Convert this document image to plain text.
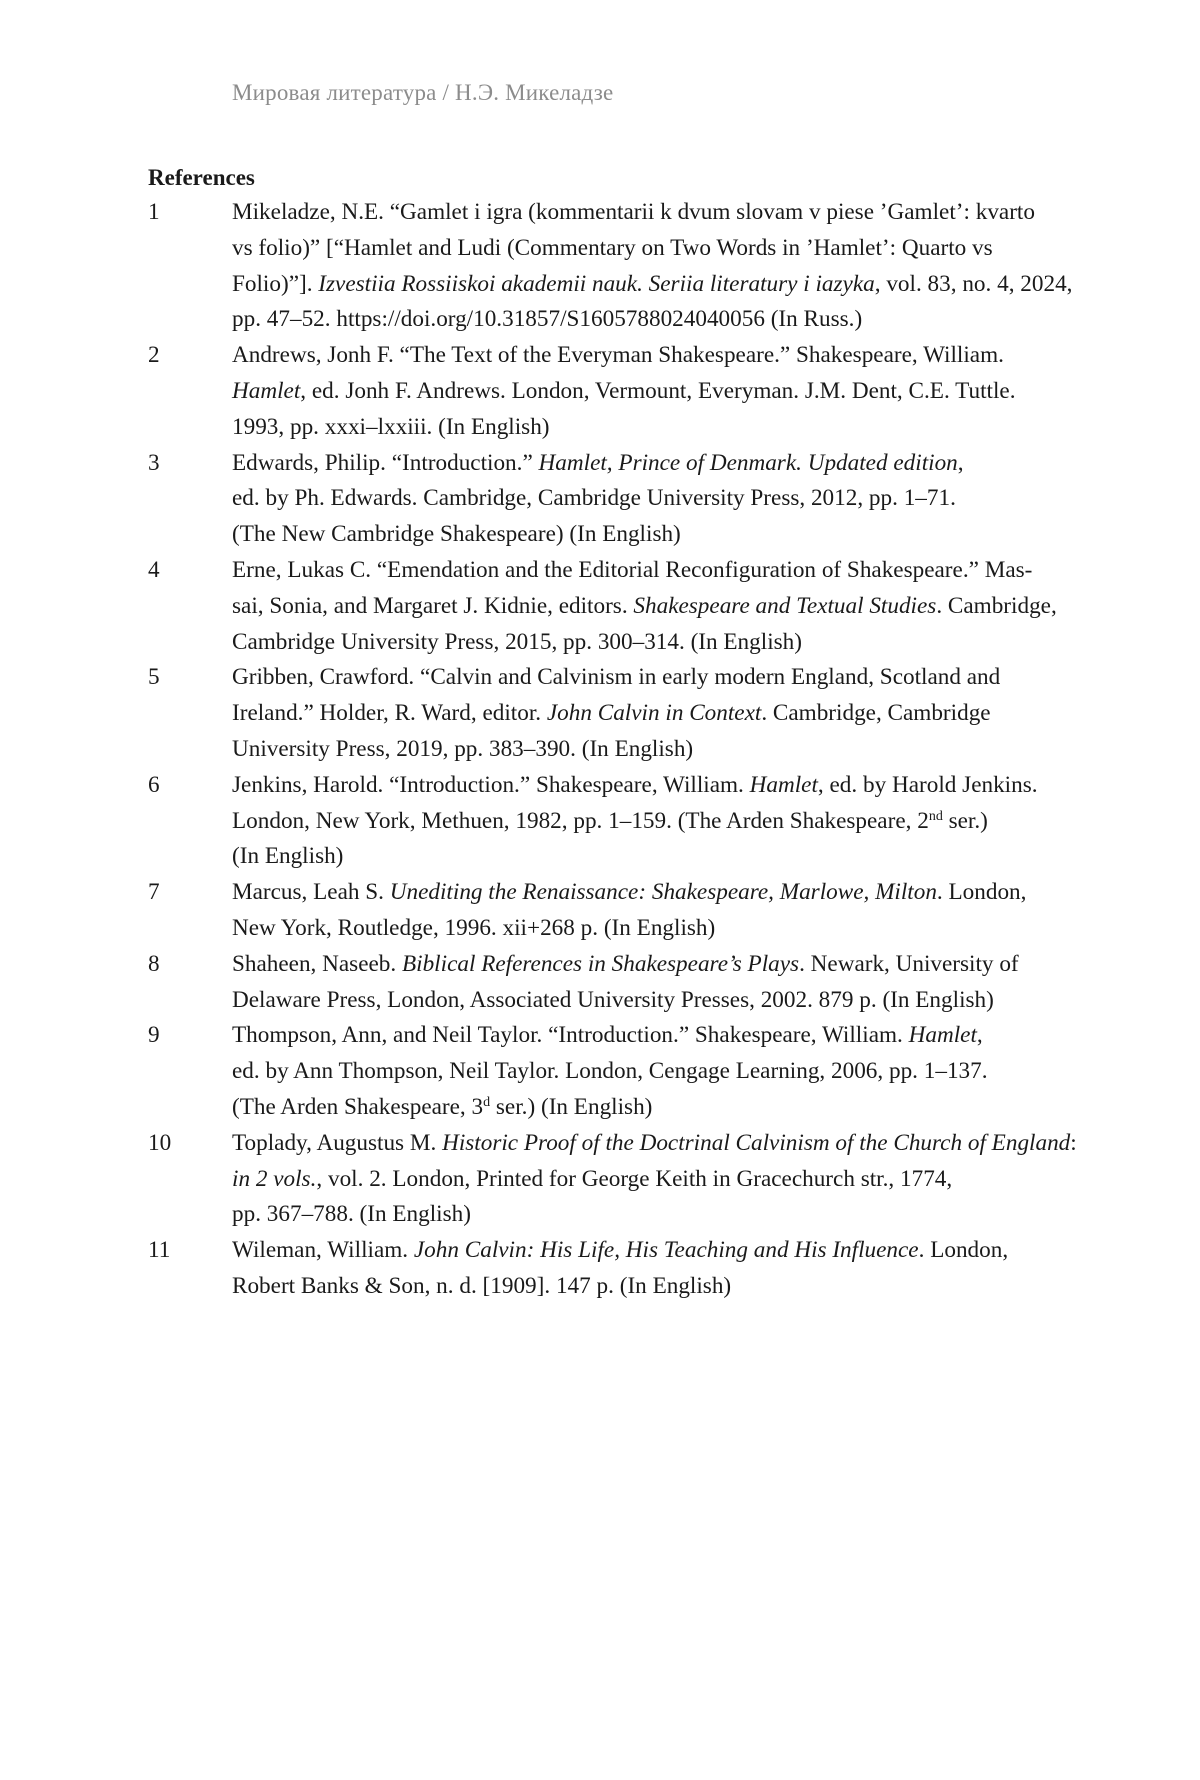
Мировая литература / Н.Э. Микеладзе
References
1	Mikeladze, N.E. “Gamlet i igra (kommentarii k dvum slovam v piese ’Gamlet’: kvarto
vs folio)” [“Hamlet and Ludi (Commentary on Two Words in ’Hamlet’: Quarto vs
Folio)”]. Izvestiia Rossiiskoi akademii nauk. Seriia literatury i iazyka, vol. 83, no. 4, 2024,
pp. 47–52. https://doi.org/10.31857/S1605788024040056 (In Russ.)
2	Andrews, Jonh F. “The Text of the Everyman Shakespeare.” Shakespeare, William.
Hamlet, ed. Jonh F. Andrews. London, Vermount, Everyman. J.M. Dent, C.E. Tuttle.
1993, pp. xxxi–lxxiii. (In English)
3	Edwards, Philip. “Introduction.” Hamlet, Prince of Denmark. Updated edition,
ed. by Ph. Edwards. Cambridge, Cambridge University Press, 2012, pp. 1–71.
(The New Cambridge Shakespeare) (In English)
4	Erne, Lukas C. “Emendation and the Editorial Reconfiguration of Shakespeare.” Mas-
sai, Sonia, and Margaret J. Kidnie, editors. Shakespeare and Textual Studies. Cambridge,
Cambridge University Press, 2015, pp. 300–314. (In English)
5	Gribben, Crawford. “Calvin and Calvinism in early modern England, Scotland and
Ireland.” Holder, R. Ward, editor. John Calvin in Context. Cambridge, Cambridge
University Press, 2019, pp. 383–390. (In English)
6	Jenkins, Harold. “Introduction.” Shakespeare, William. Hamlet, ed. by Harold Jenkins.
London, New York, Methuen, 1982, pp. 1–159. (The Arden Shakespeare, 2nd ser.)
(In English)
7	Marcus, Leah S. Unediting the Renaissance: Shakespeare, Marlowe, Milton. London,
New York, Routledge, 1996. xii+268 p. (In English)
8	Shaheen, Naseeb. Biblical References in Shakespeare’s Plays. Newark, University of
Delaware Press, London, Associated University Presses, 2002. 879 p. (In English)
9	Thompson, Ann, and Neil Taylor. “Introduction.” Shakespeare, William. Hamlet,
ed. by Ann Thompson, Neil Taylor. London, Cengage Learning, 2006, pp. 1–137.
(The Arden Shakespeare, 3$^d$ ser.) (In English)
10	Toplady, Augustus M. Historic Proof of the Doctrinal Calvinism of the Church of England:
in 2 vols., vol. 2. London, Printed for George Keith in Gracechurch str., 1774,
pp. 367–788. (In English)
11	Wileman, William. John Calvin: His Life, His Teaching and His Influence. London,
Robert Banks & Son, n. d. [1909]. 147 p. (In English)
